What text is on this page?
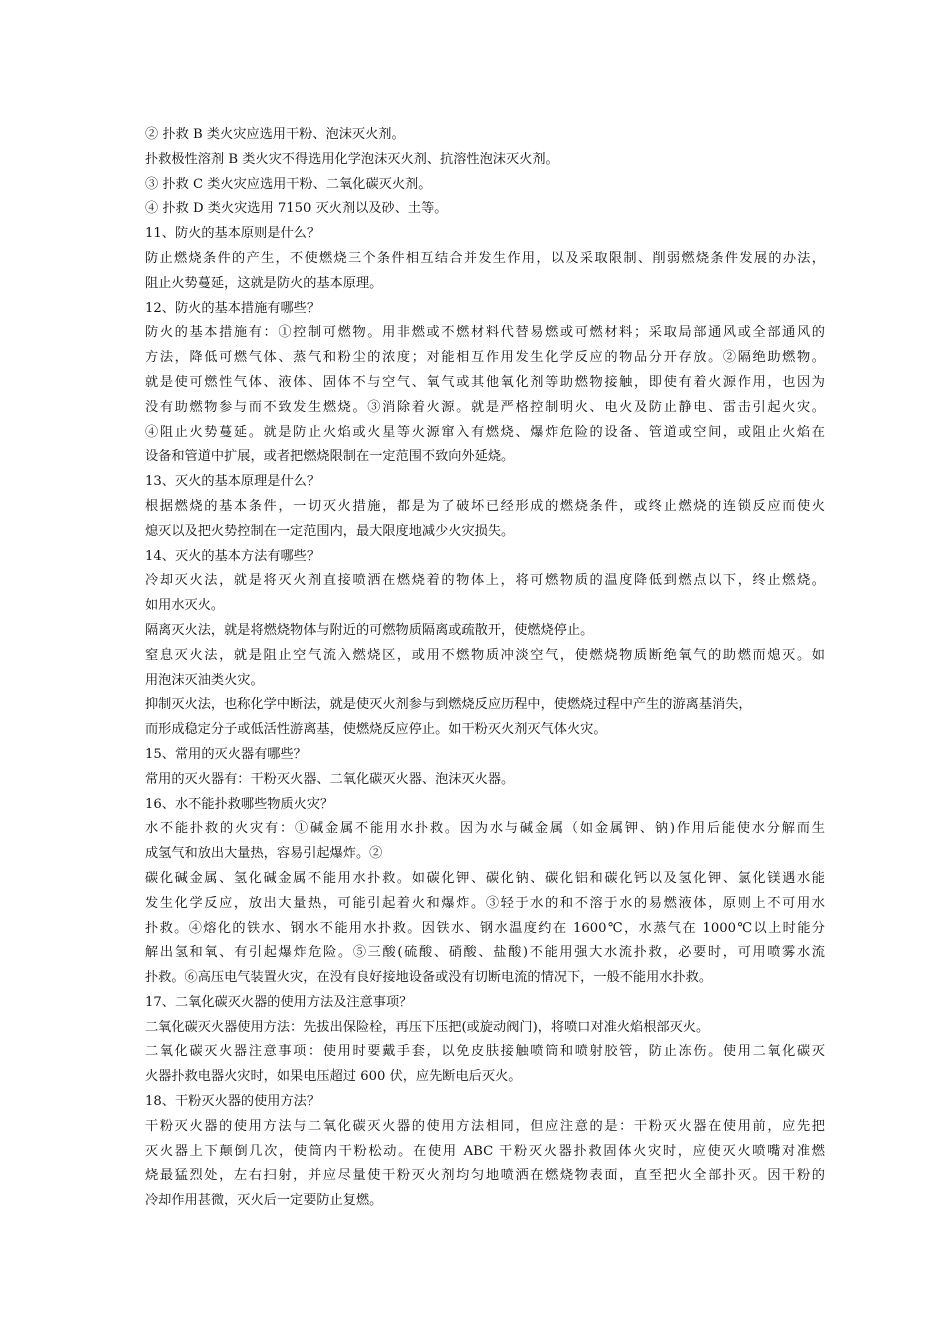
② 扑救 B 类火灾应选用干粉、泡沫灭火剂。
扑救极性溶剂 B 类火灾不得选用化学泡沫灭火剂、抗溶性泡沫灭火剂。
③ 扑救 C 类火灾应选用干粉、二氧化碳灭火剂。
④ 扑救 D 类火灾选用 7150 灭火剂以及砂、土等。
11、防火的基本原则是什么？
防止燃烧条件的产生，不使燃烧三个条件相互结合并发生作用，以及采取限制、削弱燃烧条件发展的办法，
阻止火势蔓延，这就是防火的基本原理。
12、防火的基本措施有哪些？
防火的基本措施有：①控制可燃物。用非燃或不燃材料代替易燃或可燃材料；采取局部通风或全部通风的
方法，降低可燃气体、蒸气和粉尘的浓度；对能相互作用发生化学反应的物品分开存放。②隔绝助燃物。
就是使可燃性气体、液体、固体不与空气、氧气或其他氧化剂等助燃物接触，即使有着火源作用，也因为
没有助燃物参与而不致发生燃烧。③消除着火源。就是严格控制明火、电火及防止静电、雷击引起火灾。
④阻止火势蔓延。就是防止火焰或火星等火源窜入有燃烧、爆炸危险的设备、管道或空间，或阻止火焰在
设备和管道中扩展，或者把燃烧限制在一定范围不致向外延烧。
13、灭火的基本原理是什么？
根据燃烧的基本条件，一切灭火措施，都是为了破坏已经形成的燃烧条件，或终止燃烧的连锁反应而使火
熄灭以及把火势控制在一定范围内，最大限度地减少火灾损失。
14、灭火的基本方法有哪些？
冷却灭火法，就是将灭火剂直接喷洒在燃烧着的物体上，将可燃物质的温度降低到燃点以下，终止燃烧。
如用水灭火。
隔离灭火法，就是将燃烧物体与附近的可燃物质隔离或疏散开，使燃烧停止。
窒息灭火法，就是阻止空气流入燃烧区，或用不燃物质冲淡空气，使燃烧物质断绝氧气的助燃而熄灭。如
用泡沫灭油类火灾。
抑制灭火法，也称化学中断法，就是使灭火剂参与到燃烧反应历程中，使燃烧过程中产生的游离基消失，
而形成稳定分子或低活性游离基，使燃烧反应停止。如干粉灭火剂灭气体火灾。
15、常用的灭火器有哪些？
常用的灭火器有：干粉灭火器、二氧化碳灭火器、泡沫灭火器。
16、水不能扑救哪些物质火灾？
水不能扑救的火灾有：①碱金属不能用水扑救。因为水与碱金属（如金属钾、钠)作用后能使水分解而生
成氢气和放出大量热，容易引起爆炸。②
碳化碱金属、氢化碱金属不能用水扑救。如碳化钾、碳化钠、碳化铝和碳化钙以及氢化钾、氯化镁遇水能
发生化学反应，放出大量热，可能引起着火和爆炸。③轻于水的和不溶于水的易燃液体，原则上不可用水
扑救。④熔化的铁水、钢水不能用水扑救。因铁水、钢水温度约在 1600℃，水蒸气在 1000℃以上时能分
解出氢和氧、有引起爆炸危险。⑤三酸(硫酸、硝酸、盐酸)不能用强大水流扑救，必要时，可用喷雾水流
扑救。⑥高压电气装置火灾，在没有良好接地设备或没有切断电流的情况下，一般不能用水扑救。
17、二氧化碳灭火器的使用方法及注意事项？
二氧化碳灭火器使用方法：先拔出保险栓，再压下压把(或旋动阀门)，将喷口对准火焰根部灭火。
二氧化碳灭火器注意事项：使用时要戴手套，以免皮肤接触喷筒和喷射胶管，防止冻伤。使用二氧化碳灭
火器扑救电器火灾时，如果电压超过 600 伏，应先断电后灭火。
18、干粉灭火器的使用方法？
干粉灭火器的使用方法与二氧化碳灭火器的使用方法相同，但应注意的是：干粉灭火器在使用前，应先把
灭火器上下颠倒几次，使筒内干粉松动。在使用 ABC 干粉灭火器扑救固体火灾时，应使灭火喷嘴对准燃
烧最猛烈处，左右扫射，并应尽量使干粉灭火剂均匀地喷洒在燃烧物表面，直至把火全部扑灭。因干粉的
冷却作用甚微，灭火后一定要防止复燃。
